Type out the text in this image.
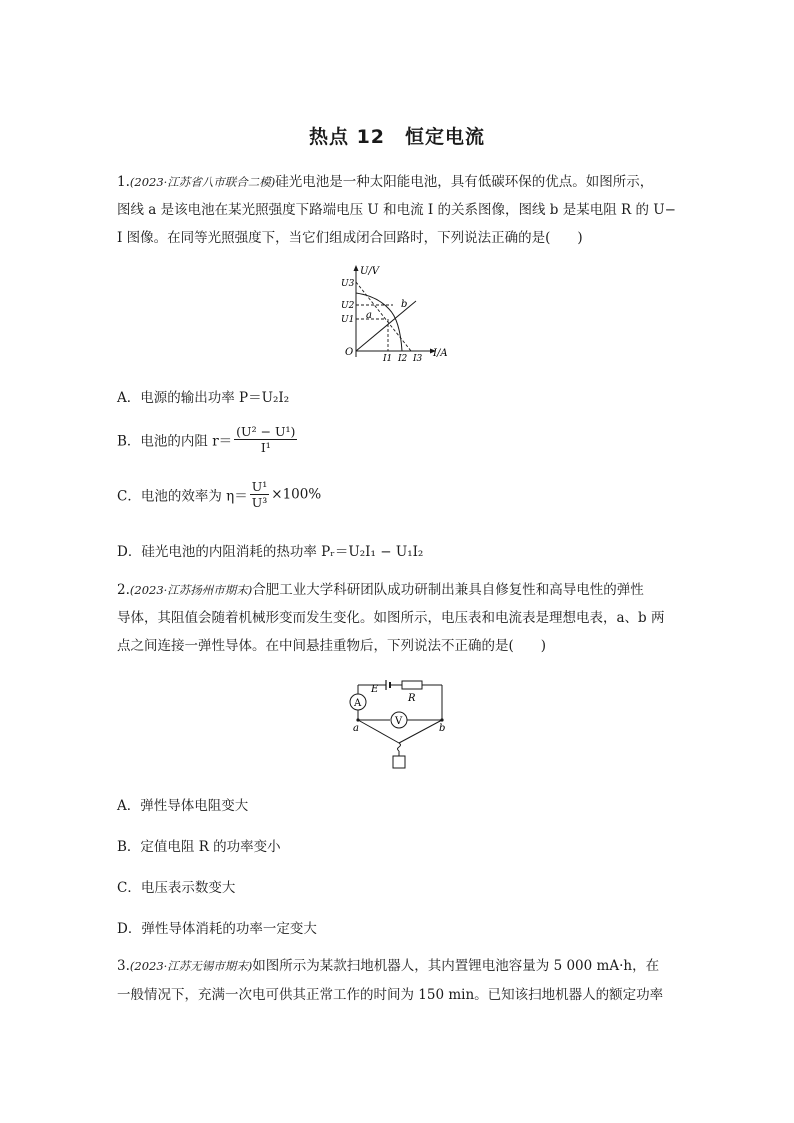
热点 12　恒定电流
1.(2023·江苏省八市联合二模)硅光电池是一种太阳能电池，具有低碳环保的优点。如图所示，
图线 a 是该电池在某光照强度下路端电压 U 和电流 I 的关系图像，图线 b 是某电阻 R 的 U−
I 图像。在同等光照强度下，当它们组成闭合回路时，下列说法正确的是(　　)
U/V
I/A
O
U3
U2
U1
I1 I2 I3
a
b
A．电源的输出功率 P＝U₂I₂
B．电池的内阻 $r= \frac{\text{(U² − U¹)}}{\text{I¹}}$
C．电池的效率为 $\eta= \frac{\text{U¹}}{\text{U³}} \times 100\%$
D．硅光电池的内阻消耗的热功率 Pᵣ＝U₂I₁ − U₁I₂
2.(2023·江苏扬州市期末)合肥工业大学科研团队成功研制出兼具自修复性和高导电性的弹性
导体，其阻值会随着机械形变而发生变化。如图所示，电压表和电流表是理想电表，a、b 两
点之间连接一弹性导体。在中间悬挂重物后，下列说法不正确的是(　　)
A
V
E
R
a	b
A．弹性导体电阻变大
B．定值电阻 R 的功率变小
C．电压表示数变大
D．弹性导体消耗的功率一定变大
3.(2023·江苏无锡市期末)如图所示为某款扫地机器人，其内置锂电池容量为 5 000 mA·h，在
一般情况下，充满一次电可供其正常工作的时间为 150 min。已知该扫地机器人的额定功率
